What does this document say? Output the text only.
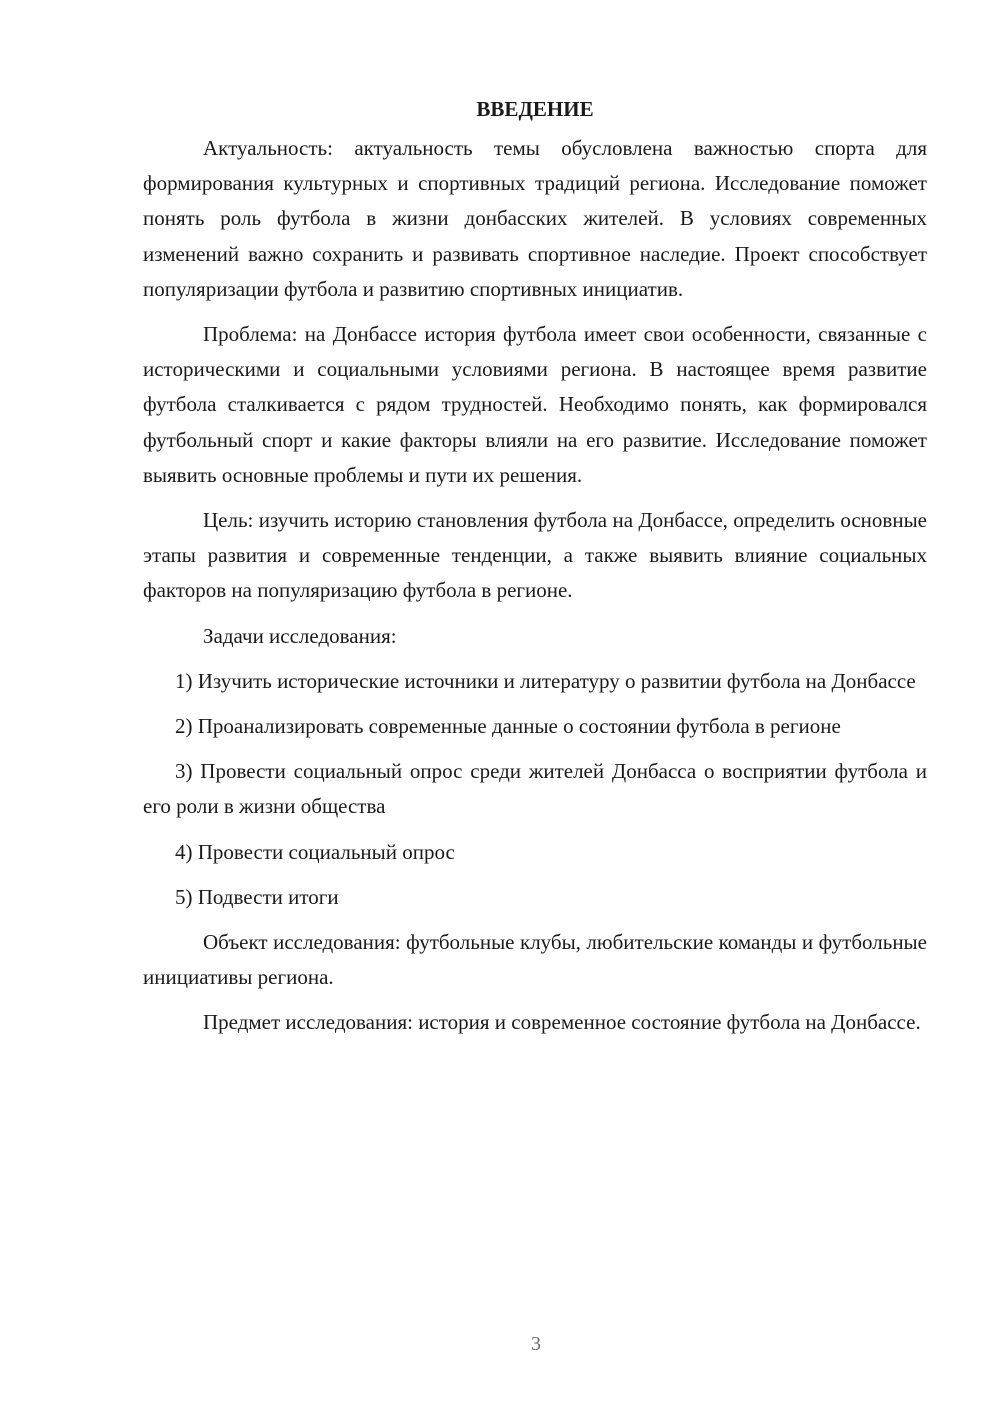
ВВЕДЕНИЕ

Актуальность: актуальность темы обусловлена важностью спорта для формирования культурных и спортивных традиций региона. Исследование поможет понять роль футбола в жизни донбасских жителей. В условиях современных изменений важно сохранить и развивать спортивное наследие. Проект способствует популяризации футбола и развитию спортивных инициатив.

Проблема: на Донбассе история футбола имеет свои особенности, связанные с историческими и социальными условиями региона. В настоящее время развитие футбола сталкивается с рядом трудностей. Необходимо понять, как формировался футбольный спорт и какие факторы влияли на его развитие. Исследование поможет выявить основные проблемы и пути их решения.

Цель: изучить историю становления футбола на Донбассе, определить основные этапы развития и современные тенденции, а также выявить влияние социальных факторов на популяризацию футбола в регионе.

Задачи исследования:

1) Изучить исторические источники и литературу о развитии футбола на Донбассе

2) Проанализировать современные данные о состоянии футбола в регионе

3) Провести социальный опрос среди жителей Донбасса о восприятии футбола и его роли в жизни общества

4) Провести социальный опрос

5) Подвести итоги

Объект исследования: футбольные клубы, любительские команды и футбольные инициативы региона.

Предмет исследования: история и современное состояние футбола на Донбассе.

3
